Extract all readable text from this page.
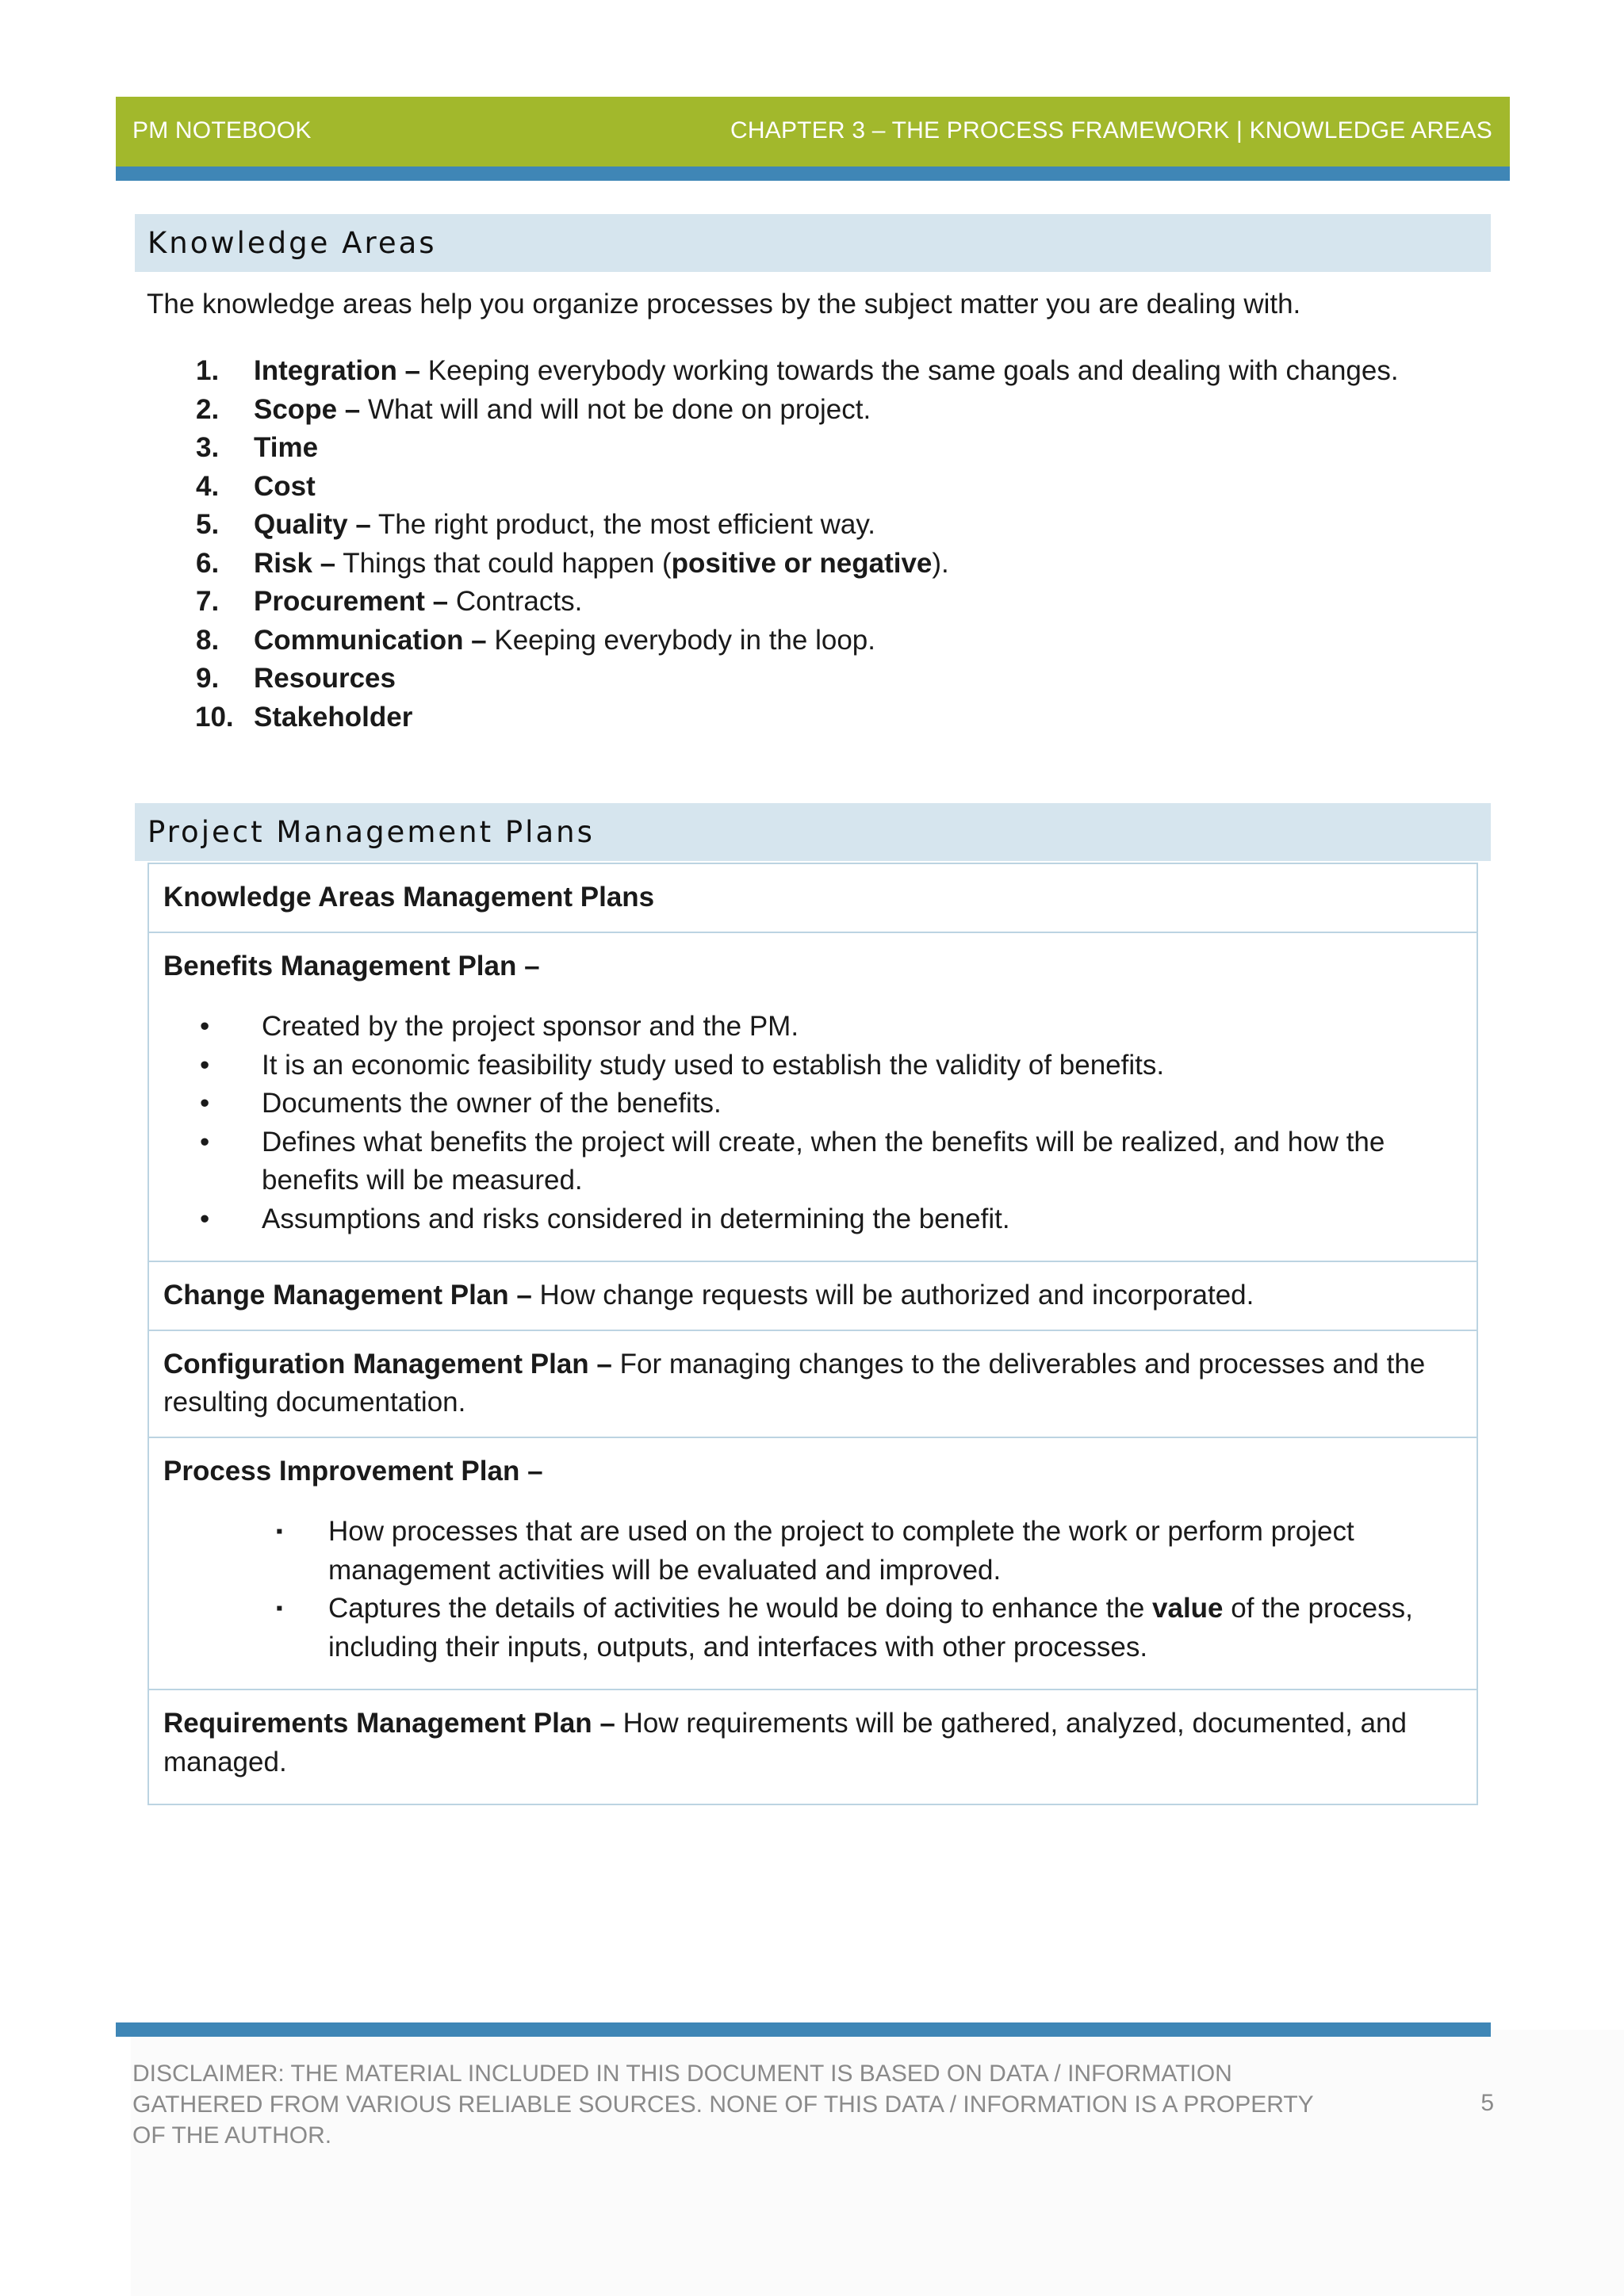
PM NOTEBOOK	CHAPTER 3 – THE PROCESS FRAMEWORK | KNOWLEDGE AREAS
Knowledge Areas
The knowledge areas help you organize processes by the subject matter you are dealing with.
1.	Integration – Keeping everybody working towards the same goals and dealing with changes.
2.	Scope – What will and will not be done on project.
3.	Time
4.	Cost
5.	Quality – The right product, the most efficient way.
6.	Risk – Things that could happen (positive or negative).
7.	Procurement – Contracts.
8.	Communication – Keeping everybody in the loop.
9.	Resources
10. Stakeholder
Project Management Plans
Knowledge Areas Management Plans
Benefits Management Plan –
•	Created by the project sponsor and the PM.
•	It is an economic feasibility study used to establish the validity of benefits.
•	Documents the owner of the benefits.
•	Defines what benefits the project will create, when the benefits will be realized, and how the benefits will be measured.
•	Assumptions and risks considered in determining the benefit.
Change Management Plan – How change requests will be authorized and incorporated.
Configuration Management Plan – For managing changes to the deliverables and processes and the resulting documentation.
Process Improvement Plan –
▪	How processes that are used on the project to complete the work or perform project management activities will be evaluated and improved.
▪	Captures the details of activities he would be doing to enhance the value of the process, including their inputs, outputs, and interfaces with other processes.
Requirements Management Plan – How requirements will be gathered, analyzed, documented, and managed.
DISCLAIMER: THE MATERIAL INCLUDED IN THIS DOCUMENT IS BASED ON DATA / INFORMATION GATHERED FROM VARIOUS RELIABLE SOURCES. NONE OF THIS DATA / INFORMATION IS A PROPERTY OF THE AUTHOR.
5
